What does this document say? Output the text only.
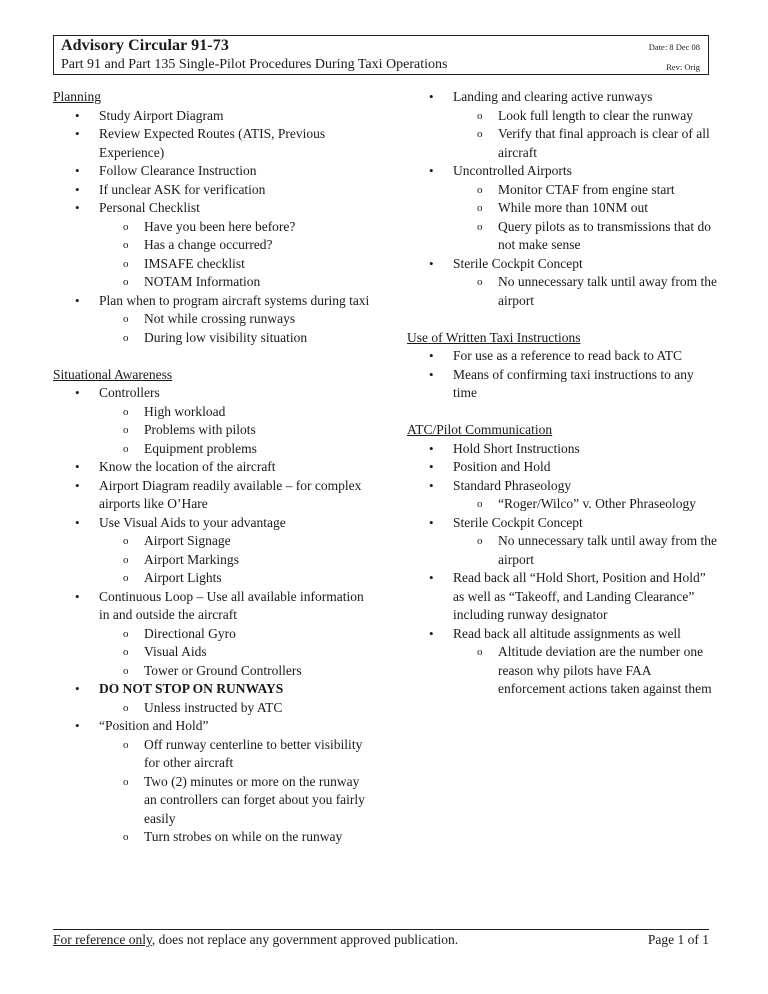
Advisory Circular 91-73
Part 91 and Part 135 Single-Pilot Procedures During Taxi Operations
Date: 8 Dec 08
Rev: Orig
Planning
• Study Airport Diagram
• Review Expected Routes (ATIS, Previous Experience)
• Follow Clearance Instruction
• If unclear ASK for verification
• Personal Checklist
o Have you been here before?
o Has a change occurred?
o IMSAFE checklist
o NOTAM Information
• Plan when to program aircraft systems during taxi
o Not while crossing runways
o During low visibility situation
Situational Awareness
• Controllers
o High workload
o Problems with pilots
o Equipment problems
• Know the location of the aircraft
• Airport Diagram readily available – for complex airports like O’Hare
• Use Visual Aids to your advantage
o Airport Signage
o Airport Markings
o Airport Lights
• Continuous Loop – Use all available information in and outside the aircraft
o Directional Gyro
o Visual Aids
o Tower or Ground Controllers
• DO NOT STOP ON RUNWAYS
o Unless instructed by ATC
• “Position and Hold”
o Off runway centerline to better visibility for other aircraft
o Two (2) minutes or more on the runway an controllers can forget about you fairly easily
o Turn strobes on while on the runway
• Landing and clearing active runways
o Look full length to clear the runway
o Verify that final approach is clear of all aircraft
• Uncontrolled Airports
o Monitor CTAF from engine start
o While more than 10NM out
o Query pilots as to transmissions that do not make sense
• Sterile Cockpit Concept
o No unnecessary talk until away from the airport
Use of Written Taxi Instructions
• For use as a reference to read back to ATC
• Means of confirming taxi instructions to any time
ATC/Pilot Communication
• Hold Short Instructions
• Position and Hold
• Standard Phraseology
o “Roger/Wilco” v. Other Phraseology
• Sterile Cockpit Concept
o No unnecessary talk until away from the airport
• Read back all “Hold Short, Position and Hold” as well as “Takeoff, and Landing Clearance” including runway designator
• Read back all altitude assignments as well
o Altitude deviation are the number one reason why pilots have FAA enforcement actions taken against them
For reference only, does not replace any government approved publication.	Page 1 of 1
